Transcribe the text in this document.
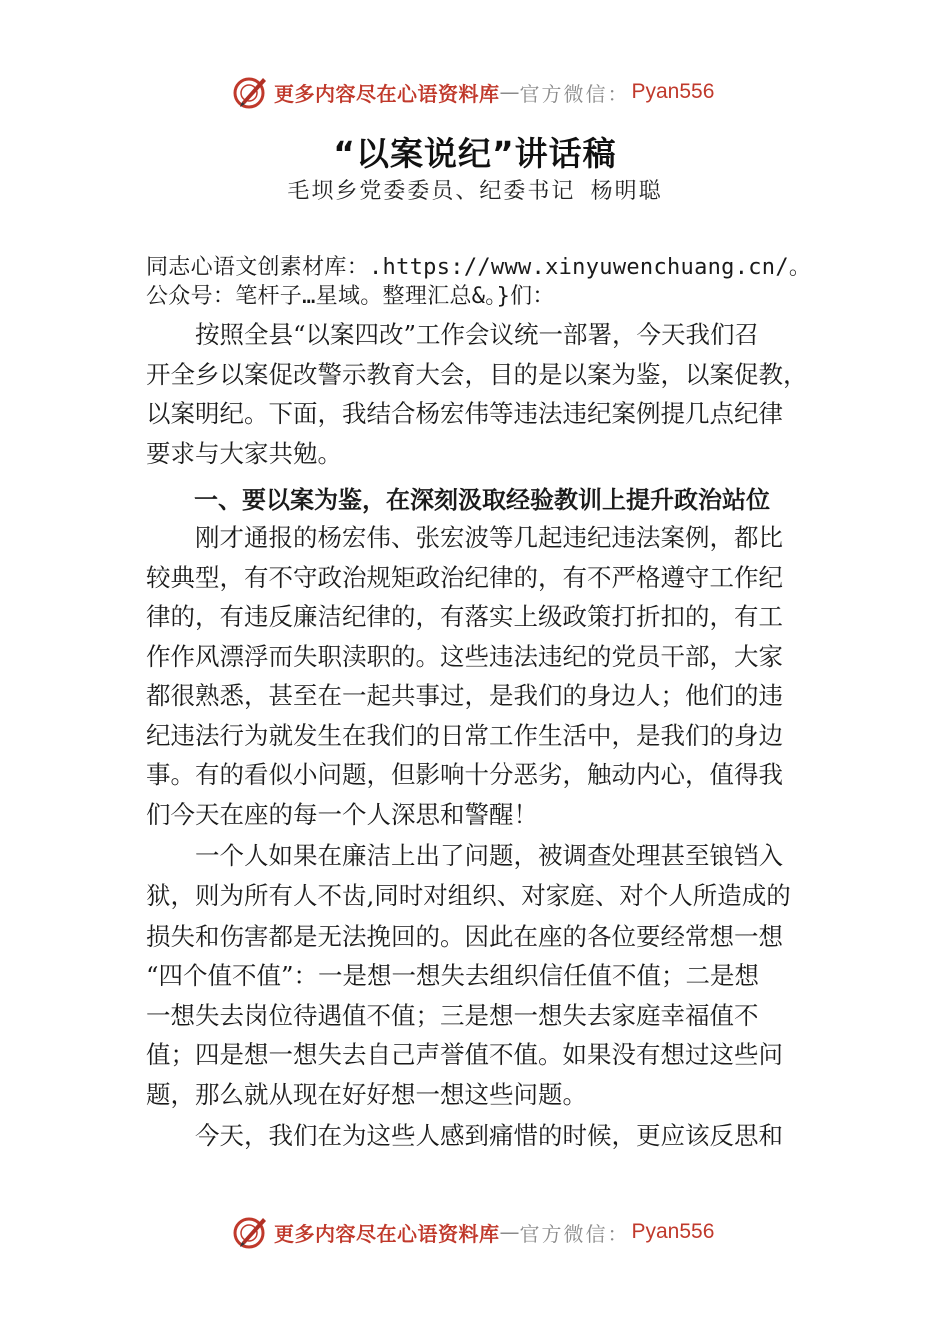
更多内容尽在心语资料库 — 官方微信： Pyan556
“以案说纪”讲话稿
毛坝乡党委委员、纪委书记 杨明聪
同志心语文创素材库：.https://www.xinyuwenchuang.cn/。
公众号：笔杆子…星域。整理汇总&。}们：
　　按照全县“以案四改”工作会议统一部署，今天我们召
开全乡以案促改警示教育大会，目的是以案为鉴，以案促教，
以案明纪。下面，我结合杨宏伟等违法违纪案例提几点纪律
要求与大家共勉。
　　一、要以案为鉴，在深刻汲取经验教训上提升政治站位
　　刚才通报的杨宏伟、张宏波等几起违纪违法案例，都比
较典型，有不守政治规矩政治纪律的，有不严格遵守工作纪
律的，有违反廉洁纪律的，有落实上级政策打折扣的，有工
作作风漂浮而失职渎职的。这些违法违纪的党员干部，大家
都很熟悉，甚至在一起共事过，是我们的身边人；他们的违
纪违法行为就发生在我们的日常工作生活中，是我们的身边
事。有的看似小问题，但影响十分恶劣，触动内心，值得我
们今天在座的每一个人深思和警醒！
　　一个人如果在廉洁上出了问题，被调查处理甚至锒铛入
狱，则为所有人不齿,同时对组织、对家庭、对个人所造成的
损失和伤害都是无法挽回的。因此在座的各位要经常想一想
“四个值不值”：一是想一想失去组织信任值不值；二是想
一想失去岗位待遇值不值；三是想一想失去家庭幸福值不
值；四是想一想失去自己声誉值不值。如果没有想过这些问
题，那么就从现在好好想一想这些问题。
　　今天，我们在为这些人感到痛惜的时候，更应该反思和
更多内容尽在心语资料库 — 官方微信： Pyan556
